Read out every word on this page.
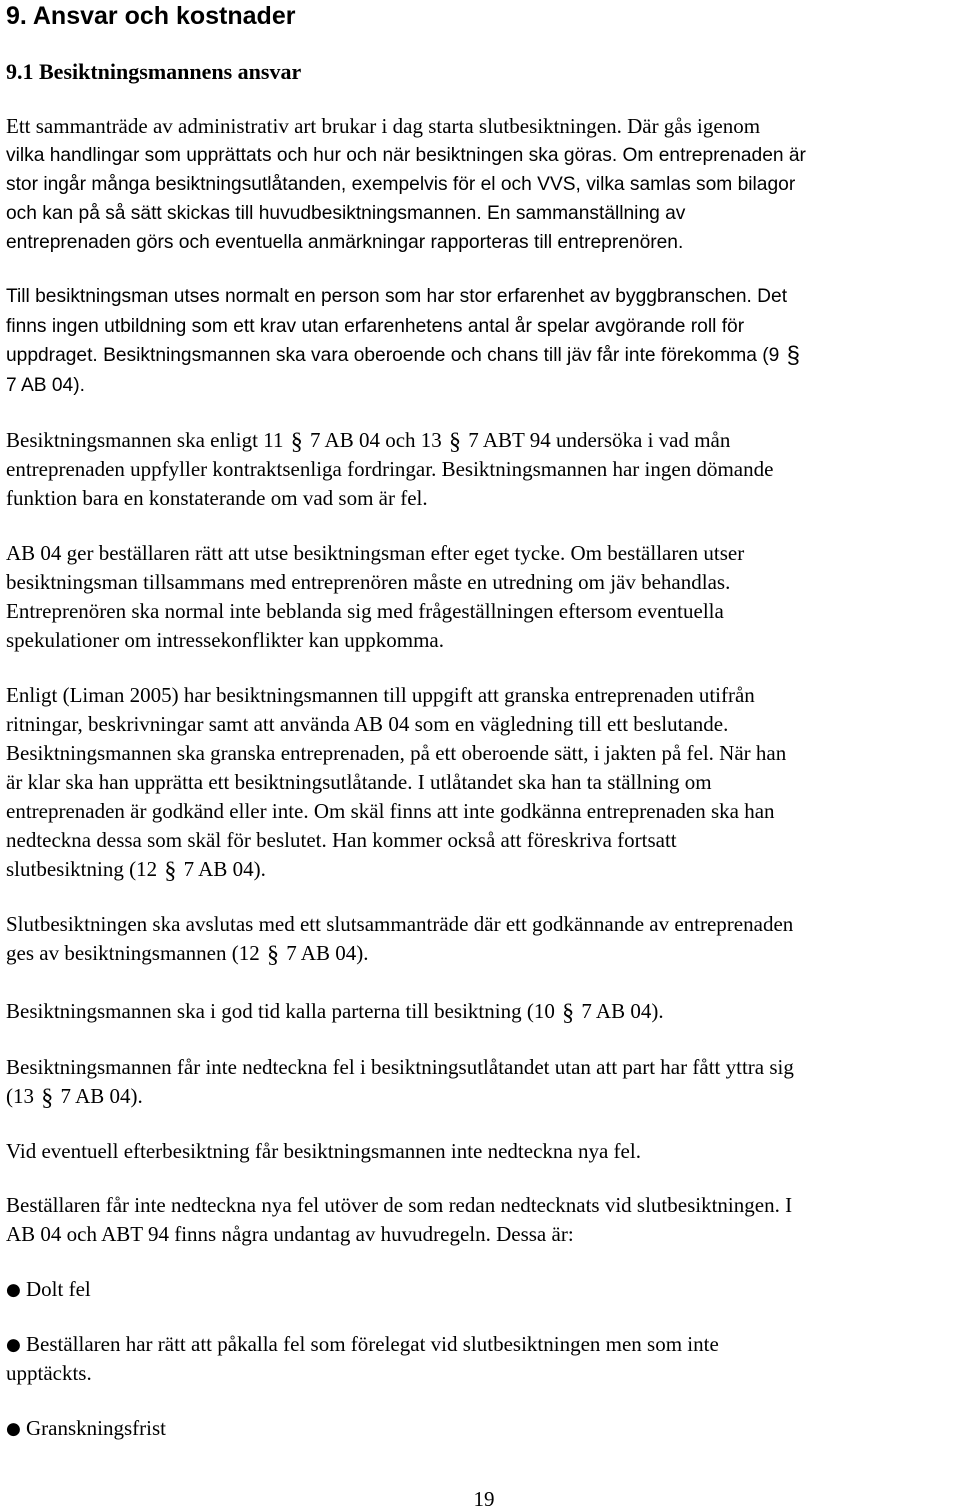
9. Ansvar och kostnader
9.1 Besiktningsmannens ansvar
Ett sammanträde av administrativ art brukar i dag starta slutbesiktningen. Där gås igenom
vilka handlingar som upprättats och hur och när besiktningen ska göras. Om entreprenaden är
stor ingår många besiktningsutlåtanden, exempelvis för el och VVS, vilka samlas som bilagor
och kan på så sätt skickas till huvudbesiktningsmannen. En sammanställning av
entreprenaden görs och eventuella anmärkningar rapporteras till entreprenören.
Till besiktningsman utses normalt en person som har stor erfarenhet av byggbranschen. Det
finns ingen utbildning som ett krav utan erfarenhetens antal år spelar avgörande roll för
uppdraget. Besiktningsmannen ska vara oberoende och chans till jäv får inte förekomma (9 §
7 AB 04).
Besiktningsmannen ska enligt 11 § 7 AB 04 och 13 § 7 ABT 94 undersöka i vad mån
entreprenaden uppfyller kontraktsenliga fordringar. Besiktningsmannen har ingen dömande
funktion bara en konstaterande om vad som är fel.
AB 04 ger beställaren rätt att utse besiktningsman efter eget tycke. Om beställaren utser
besiktningsman tillsammans med entreprenören måste en utredning om jäv behandlas.
Entreprenören ska normal inte beblanda sig med frågeställningen eftersom eventuella
spekulationer om intressekonflikter kan uppkomma.
Enligt (Liman 2005) har besiktningsmannen till uppgift att granska entreprenaden utifrån
ritningar, beskrivningar samt att använda AB 04 som en vägledning till ett beslutande.
Besiktningsmannen ska granska entreprenaden, på ett oberoende sätt, i jakten på fel. När han
är klar ska han upprätta ett besiktningsutlåtande. I utlåtandet ska han ta ställning om
entreprenaden är godkänd eller inte. Om skäl finns att inte godkänna entreprenaden ska han
nedteckna dessa som skäl för beslutet. Han kommer också att föreskriva fortsatt
slutbesiktning (12 § 7 AB 04).
Slutbesiktningen ska avslutas med ett slutsammanträde där ett godkännande av entreprenaden
ges av besiktningsmannen (12 § 7 AB 04).
Besiktningsmannen ska i god tid kalla parterna till besiktning (10 § 7 AB 04).
Besiktningsmannen får inte nedteckna fel i besiktningsutlåtandet utan att part har fått yttra sig
(13 § 7 AB 04).
Vid eventuell efterbesiktning får besiktningsmannen inte nedteckna nya fel.
Beställaren får inte nedteckna nya fel utöver de som redan nedtecknats vid slutbesiktningen. I
AB 04 och ABT 94 finns några undantag av huvudregeln. Dessa är:
● Dolt fel
● Beställaren har rätt att påkalla fel som förelegat vid slutbesiktningen men som inte
upptäckts.
● Granskningsfrist
19
